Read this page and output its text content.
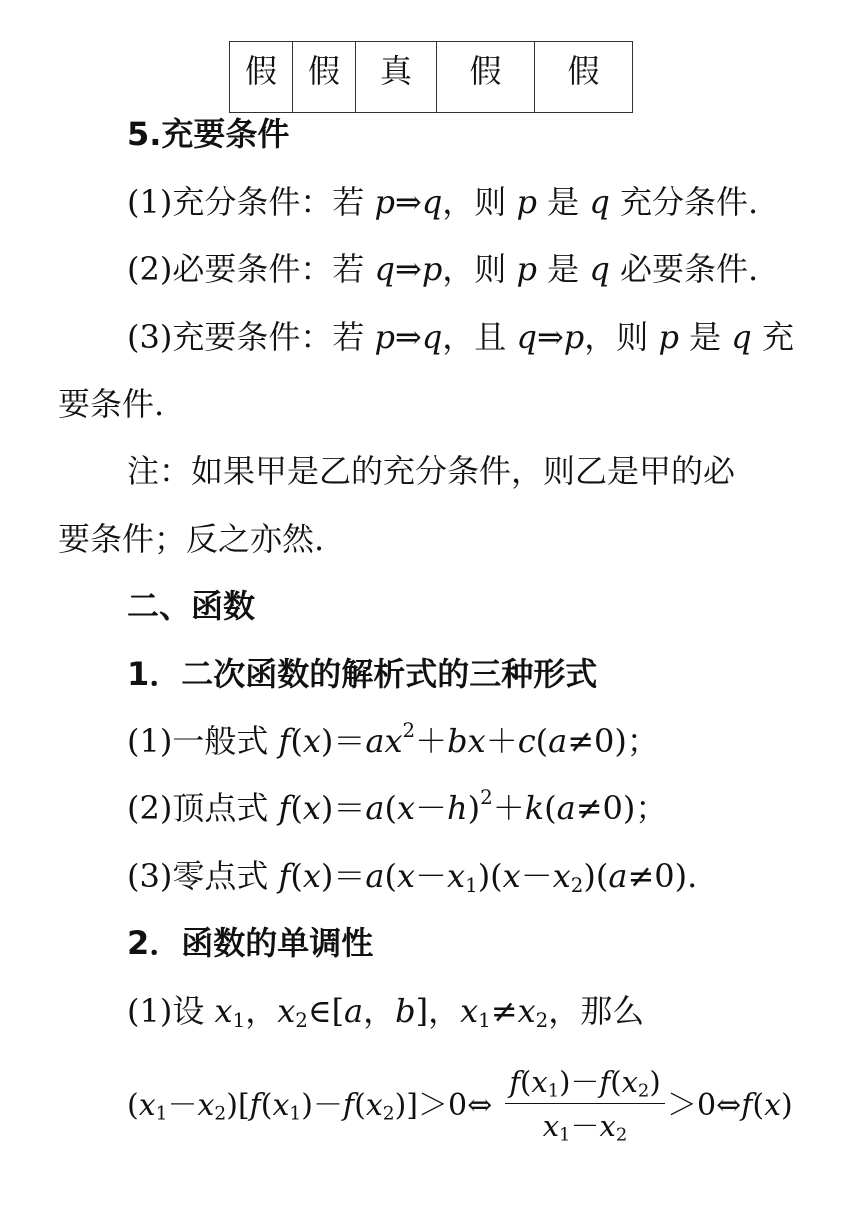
假	假	真	假	假
5.充要条件
(1)充分条件：若 p⇒q，则 p 是 q 充分条件.
(2)必要条件：若 q⇒p，则 p 是 q 必要条件.
(3)充要条件：若 p⇒q，且 q⇒p，则 p 是 q 充
要条件.
注：如果甲是乙的充分条件，则乙是甲的必
要条件；反之亦然.
二、函数
1．二次函数的解析式的三种形式
(1)一般式 $f(x)=ax^2+bx+c(a\ne 0)$；
(2)顶点式 $f(x)=a(x-h)^2+k(a\ne 0)$；
(3)零点式 $f(x)=a(x-x_1)(x-x_2)(a\ne 0)$.
2．函数的单调性
(1)设 $x_1$，$x_2\in[a$，b]，$x_1\ne x_2$，那么
$(x_1-x_2)[f(x_1)-f(x_2)]>0\Leftrightarrow \frac{f(x_1)-f(x_2)}{x_1-x_2}$ ＞0⇔f(x)
